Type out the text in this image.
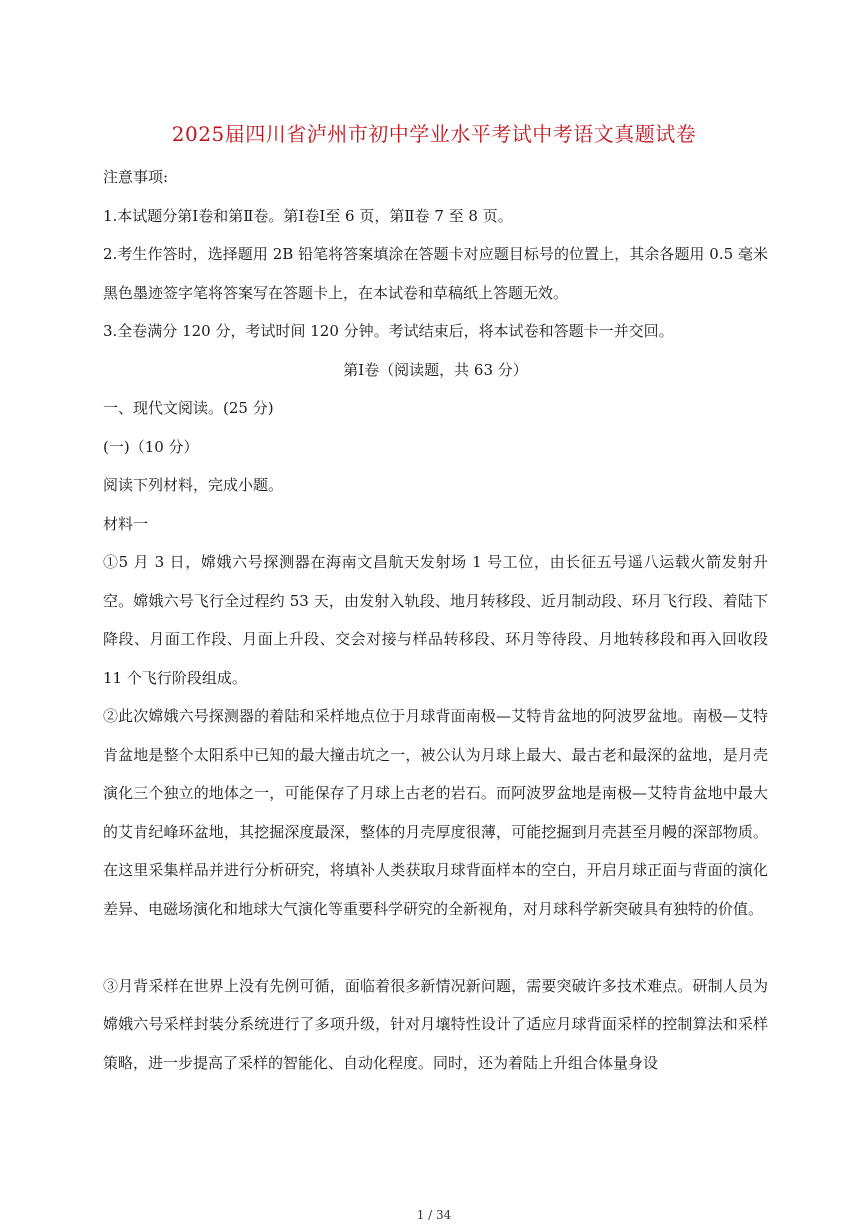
2025届四川省泸州市初中学业水平考试中考语文真题试卷
注意事项:
1.本试题分第Ⅰ卷和第Ⅱ卷。第Ⅰ卷Ⅰ至 6 页，第Ⅱ卷 7 至 8 页。
2.考生作答时，选择题用 2B 铅笔将答案填涂在答题卡对应题目标号的位置上，其余各题用 0.5 毫米黑色墨迹签字笔将答案写在答题卡上，在本试卷和草稿纸上答题无效。
3.全卷满分 120 分，考试时间 120 分钟。考试结束后，将本试卷和答题卡一并交回。
第Ⅰ卷（阅读题，共 63 分）
一、现代文阅读。(25 分)
(一)（10 分）
阅读下列材料，完成小题。
材料一
①5 月 3 日，嫦娥六号探测器在海南文昌航天发射场 1 号工位，由长征五号遥八运载火箭发射升空。嫦娥六号飞行全过程约 53 天，由发射入轨段、地月转移段、近月制动段、环月飞行段、着陆下降段、月面工作段、月面上升段、交会对接与样品转移段、环月等待段、月地转移段和再入回收段 11 个飞行阶段组成。
②此次嫦娥六号探测器的着陆和采样地点位于月球背面南极—艾特肯盆地的阿波罗盆地。南极—艾特肯盆地是整个太阳系中已知的最大撞击坑之一，被公认为月球上最大、最古老和最深的盆地，是月壳演化三个独立的地体之一，可能保存了月球上古老的岩石。而阿波罗盆地是南极—艾特肯盆地中最大的艾肯纪峰环盆地，其挖掘深度最深，整体的月壳厚度很薄，可能挖掘到月壳甚至月幔的深部物质。在这里采集样品并进行分析研究，将填补人类获取月球背面样本的空白，开启月球正面与背面的演化差异、电磁场演化和地球大气演化等重要科学研究的全新视角，对月球科学新突破具有独特的价值。
③月背采样在世界上没有先例可循，面临着很多新情况新问题，需要突破许多技术难点。研制人员为嫦娥六号采样封装分系统进行了多项升级，针对月壤特性设计了适应月球背面采样的控制算法和采样策略，进一步提高了采样的智能化、自动化程度。同时，还为着陆上升组合体量身设
1 / 34
